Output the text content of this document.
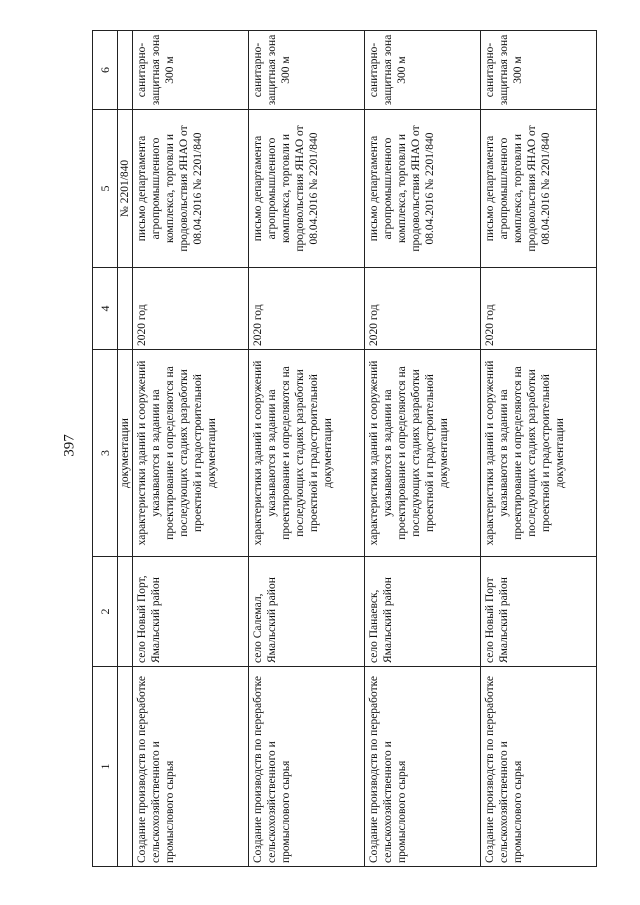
397
1	2	3	4	5	6
		документации		№ 2201/840	
Создание производств по переработке сельскохозяйственного и промыслового сырья	село Новый Порт, Ямальский район	характеристики зданий и сооружений указываются в задании на проектирование и определяются на последующих стадиях разработки проектной и градостроительной документации	2020 год	письмо департамента агропромышленного комплекса, торговли и продовольствия ЯНАО от 08.04.2016 № 2201/840	санитарно-защитная зона 300 м
Создание производств по переработке сельскохозяйственного и промыслового сырья	село Салемал, Ямальский район	характеристики зданий и сооружений указываются в задании на проектирование и определяются на последующих стадиях разработки проектной и градостроительной документации	2020 год	письмо департамента агропромышленного комплекса, торговли и продовольствия ЯНАО от 08.04.2016 № 2201/840	санитарно-защитная зона 300 м
Создание производств по переработке сельскохозяйственного и промыслового сырья	село Панаевск, Ямальский район	характеристики зданий и сооружений указываются в задании на проектирование и определяются на последующих стадиях разработки проектной и градостроительной документации	2020 год	письмо департамента агропромышленного комплекса, торговли и продовольствия ЯНАО от 08.04.2016 № 2201/840	санитарно-защитная зона 300 м
Создание производств по переработке сельскохозяйственного и промыслового сырья	село Новый Порт Ямальский район	характеристики зданий и сооружений указываются в задании на проектирование и определяются на последующих стадиях разработки проектной и градостроительной документации	2020 год	письмо департамента агропромышленного комплекса, торговли и продовольствия ЯНАО от 08.04.2016 № 2201/840	санитарно-защитная зона 300 м
